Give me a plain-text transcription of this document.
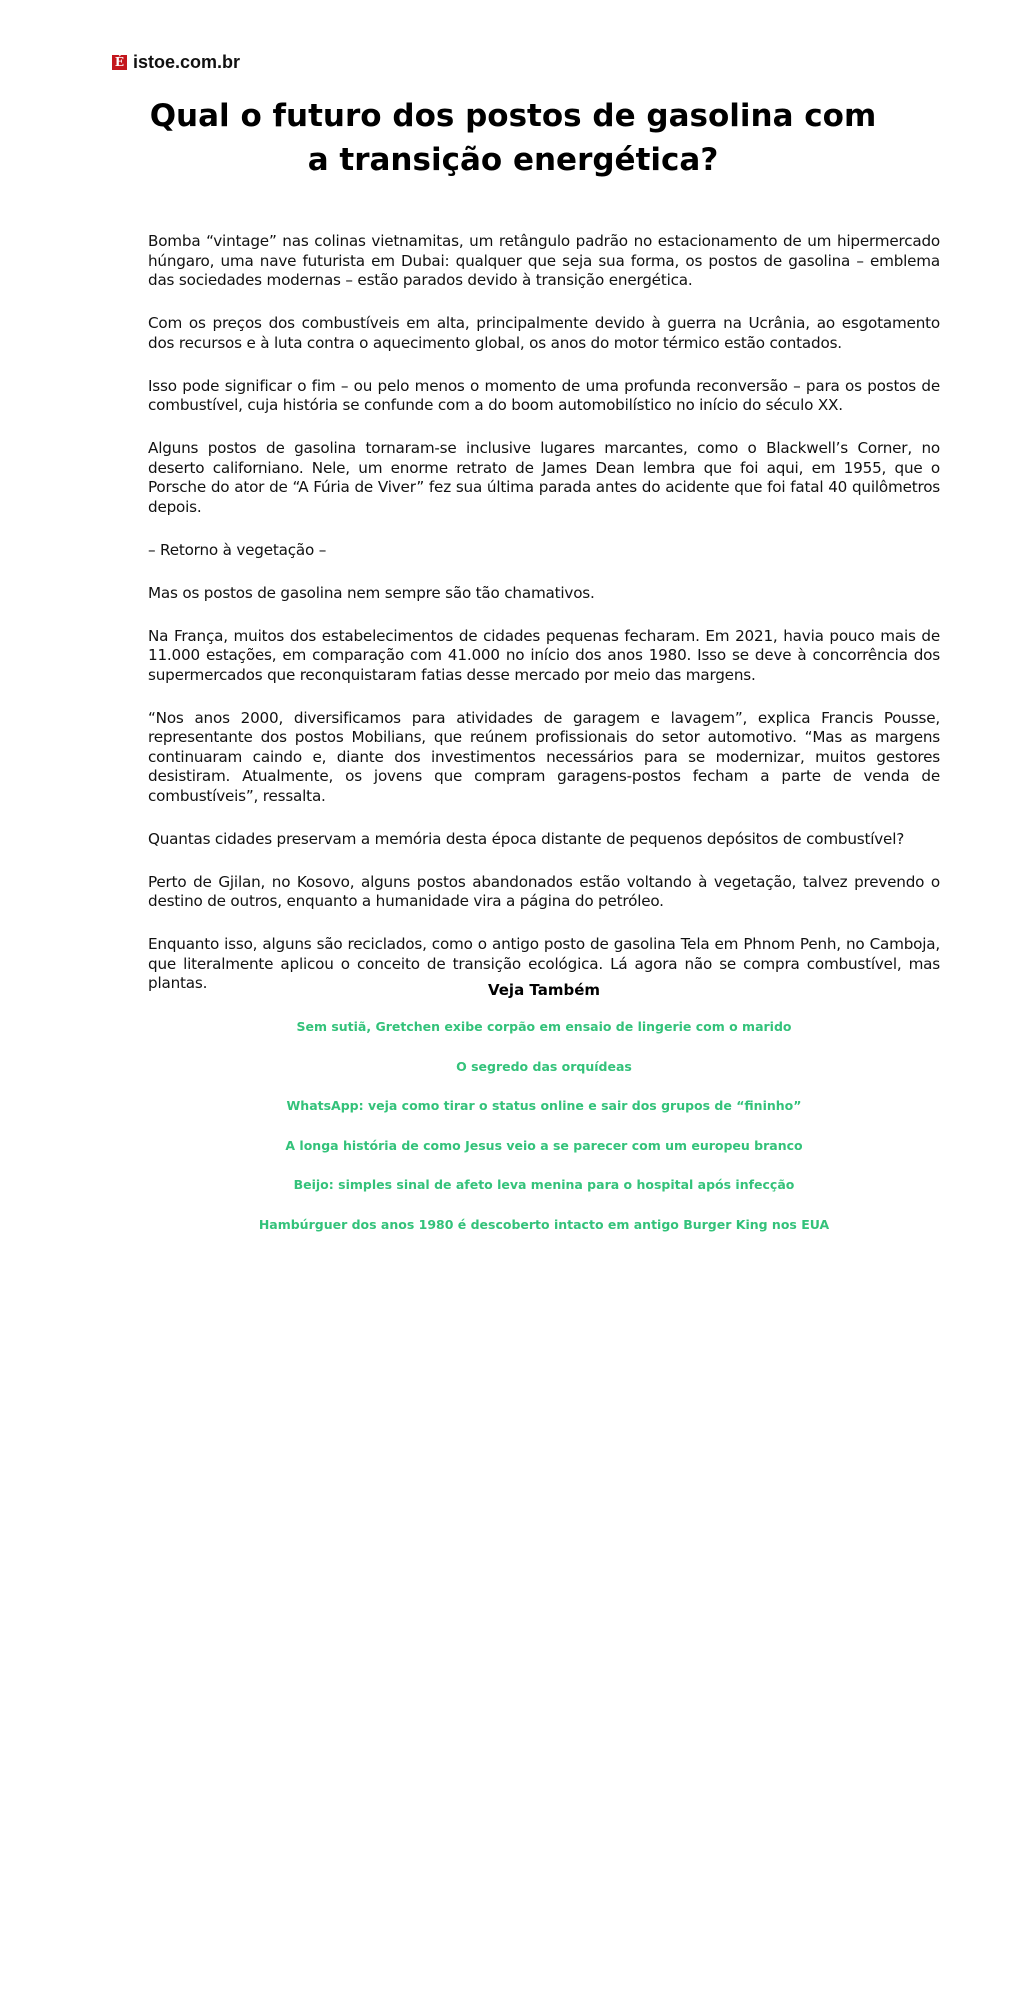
É istoe.com.br
Qual o futuro dos postos de gasolina com a transição energética?

Bomba “vintage” nas colinas vietnamitas, um retângulo padrão no estacionamento de um hipermercado húngaro, uma nave futurista em Dubai: qualquer que seja sua forma, os postos de gasolina – emblema das sociedades modernas – estão parados devido à transição energética.

Com os preços dos combustíveis em alta, principalmente devido à guerra na Ucrânia, ao esgotamento dos recursos e à luta contra o aquecimento global, os anos do motor térmico estão contados.

Isso pode significar o fim – ou pelo menos o momento de uma profunda reconversão – para os postos de combustível, cuja história se confunde com a do boom automobilístico no início do século XX.

Alguns postos de gasolina tornaram-se inclusive lugares marcantes, como o Blackwell’s Corner, no deserto californiano. Nele, um enorme retrato de James Dean lembra que foi aqui, em 1955, que o Porsche do ator de “A Fúria de Viver” fez sua última parada antes do acidente que foi fatal 40 quilômetros depois.

– Retorno à vegetação –

Mas os postos de gasolina nem sempre são tão chamativos.

Na França, muitos dos estabelecimentos de cidades pequenas fecharam. Em 2021, havia pouco mais de 11.000 estações, em comparação com 41.000 no início dos anos 1980. Isso se deve à concorrência dos supermercados que reconquistaram fatias desse mercado por meio das margens.

“Nos anos 2000, diversificamos para atividades de garagem e lavagem”, explica Francis Pousse, representante dos postos Mobilians, que reúnem profissionais do setor automotivo. “Mas as margens continuaram caindo e, diante dos investimentos necessários para se modernizar, muitos gestores desistiram. Atualmente, os jovens que compram garagens-postos fecham a parte de venda de combustíveis”, ressalta.

Quantas cidades preservam a memória desta época distante de pequenos depósitos de combustível?

Perto de Gjilan, no Kosovo, alguns postos abandonados estão voltando à vegetação, talvez prevendo o destino de outros, enquanto a humanidade vira a página do petróleo.

Enquanto isso, alguns são reciclados, como o antigo posto de gasolina Tela em Phnom Penh, no Camboja, que literalmente aplicou o conceito de transição ecológica. Lá agora não se compra combustível, mas plantas.	Veja Também
Sem sutiã, Gretchen exibe corpão em ensaio de lingerie com o marido
O segredo das orquídeas
WhatsApp: veja como tirar o status online e sair dos grupos de “fininho”
A longa história de como Jesus veio a se parecer com um europeu branco
Beijo: simples sinal de afeto leva menina para o hospital após infecção
Hambúrguer dos anos 1980 é descoberto intacto em antigo Burger King nos EUA
